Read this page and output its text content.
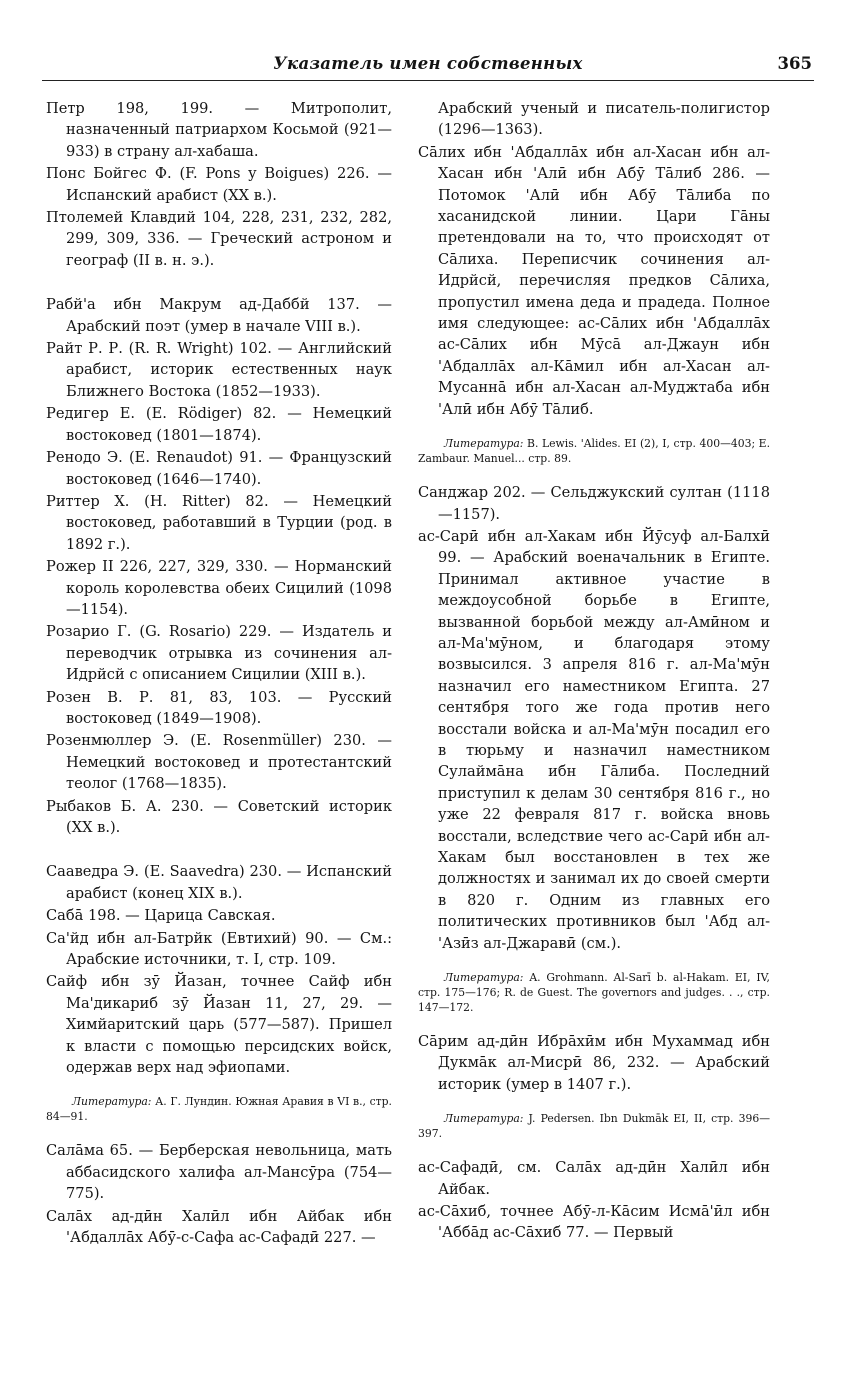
Указатель имен собственных	365

Петр 198, 199. — Митрополит, назначенный патриархом Косьмой (921—933) в страну ал-хабаша.

Понс Бойгес Ф. (F. Pons y Boigues) 226. — Испанский арабист (XX в.).

Птолемей Клавдий 104, 228, 231, 232, 282, 299, 309, 336. — Греческий астроном и географ (II в. н. э.).

Рабй'а ибн Макрум ад-Даббй 137. — Арабский поэт (умер в начале VIII в.).

Райт Р. Р. (R. R. Wright) 102. — Английский арабист, историк естественных наук Ближнего Востока (1852—1933).

Редигер Е. (E. Rödiger) 82. — Немецкий востоковед (1801—1874).

Ренодо Э. (E. Renaudot) 91. — Французский востоковед (1646—1740).

Риттер X. (H. Ritter) 82. — Немецкий востоковед, работавший в Турции (род. в 1892 г.).

Рожер II 226, 227, 329, 330. — Норманский король королевства обеих Сицилий (1098—1154).

Розарио Г. (G. Rosario) 229. — Издатель и переводчик отрывка из сочинения ал-Идрйсй с описанием Сицилии (XIII в.).

Розен В. Р. 81, 83, 103. — Русский востоковед (1849—1908).

Розенмюллер Э. (E. Rosenmüller) 230. — Немецкий востоковед и протестантский теолог (1768—1835).

Рыбаков Б. А. 230. — Советский историк (XX в.).

Сааведра Э. (E. Saavedra) 230. — Испанский арабист (конец XIX в.).

Сабā 198. — Царица Савская.

Са'йд ибн ал-Батрйк (Евтихий) 90. — См.: Арабские источники, т. I, стр. 109.

Сайф ибн зӯ Йазан, точнее Сайф ибн Ма'дикариб зӯ Йазан 11, 27, 29. — Химйаритский царь (577—587). Пришел к власти с помощью персидских войск, одержав верх над эфиопами.

Литература: А. Г. Лундин. Южная Аравия в VI в., стр. 84—91.

Салāма 65. — Берберская невольница, мать аббасидского халифа ал-Мансӯра (754—775).

Салāх ад-дӣн Халӣл ибн Айбак ибн 'Абдаллāх Абӯ-с-Сафа ас-Сафадӣ 227. —

Арабский ученый и писатель-полигистор (1296—1363).

Сāлих ибн 'Абдаллāх ибн ал-Хасан ибн ал-Хасан ибн 'Алӣ ибн Абӯ Тāлиб 286. — Потомок 'Алӣ ибн Абӯ Тāлиба по хасанидской линии. Цари Гāны претендовали на то, что происходят от Сāлиха. Переписчик сочинения ал-Идрйсй, перечисляя предков Сāлиха, пропустил имена деда и прадеда. Полное имя следующее: ас-Сāлих ибн 'Абдаллāх ас-Сāлих ибн Мӯсā ал-Джаун ибн 'Абдаллāх ал-Кāмил ибн ал-Хасан ал-Мусаннā ибн ал-Хасан ал-Муджтаба ибн 'Алӣ ибн Абӯ Тāлиб.

Литература: B. Lewis. 'Alides. EI (2), I, стр. 400—403; E. Zambaur. Manuel... стр. 89.

Санджар 202. — Сельджукский султан (1118—1157).

ас-Сарӣ ибн ал-Хакам ибн Йӯсуф ал-Балхӣ 99. — Арабский военачальник в Египте. Принимал активное участие в междоусобной борьбе в Египте, вызванной борьбой между ал-Амӣном и ал-Ма'мӯном, и благодаря этому возвысился. 3 апреля 816 г. ал-Ма'мӯн назначил его наместником Египта. 27 сентября того же года против него восстали войска и ал-Ма'мӯн посадил его в тюрьму и назначил наместником Сулаймāна ибн Гāлиба. Последний приступил к делам 30 сентября 816 г., но уже 22 февраля 817 г. войска вновь восстали, вследствие чего ас-Сарӣ ибн ал-Хакам был восстановлен в тех же должностях и занимал их до своей смерти в 820 г. Одним из главных его политических противников был 'Абд ал-'Азӣз ал-Джаравӣ (см.).

Литература: A. Grohmann. Al-Sarī b. al-Hakam. EI, IV, стр. 175—176; R. de Guest. The governors and judges. . ., стр. 147—172.

Сāрим ад-дӣн Ибрāхӣм ибн Мухаммад ибн Дукмāк ал-Мисрӣ 86, 232. — Арабский историк (умер в 1407 г.).

Литература: J. Pedersen. Ibn Dukmāk EI, II, стр. 396—397.

ас-Сафадӣ, см. Салāх ад-дӣн Халӣл ибн Айбак.

ас-Сāхиб, точнее Абӯ-л-Кāсим Исмā'ӣл ибн 'Аббāд ас-Сāхиб 77. — Первый
